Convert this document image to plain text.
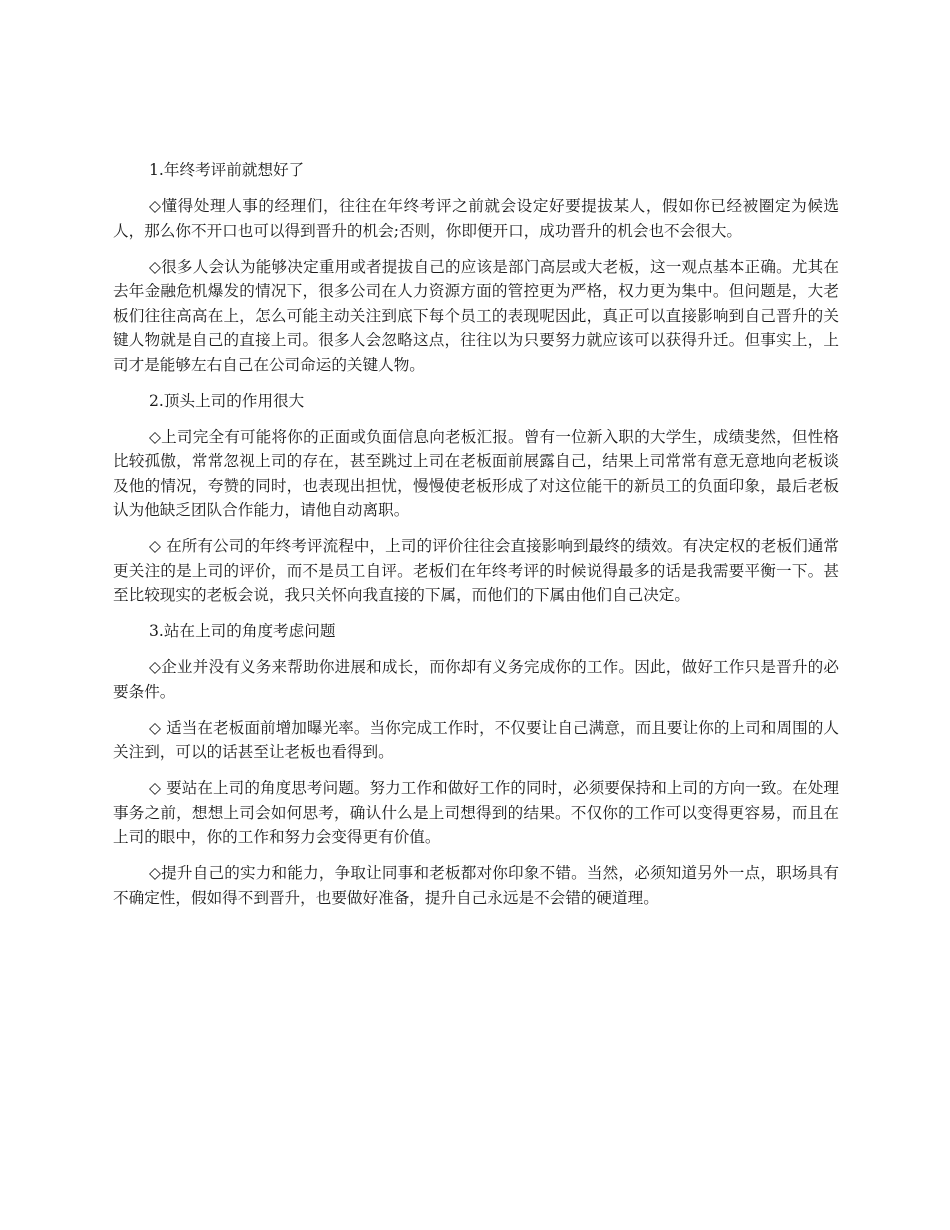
1.年终考评前就想好了

◇懂得处理人事的经理们，往往在年终考评之前就会设定好要提拔某人，假如你已经被圈定为候选人，那么你不开口也可以得到晋升的机会;否则，你即便开口，成功晋升的机会也不会很大。

◇很多人会认为能够决定重用或者提拔自己的应该是部门高层或大老板，这一观点基本正确。尤其在去年金融危机爆发的情况下，很多公司在人力资源方面的管控更为严格，权力更为集中。但问题是，大老板们往往高高在上，怎么可能主动关注到底下每个员工的表现呢因此，真正可以直接影响到自己晋升的关键人物就是自己的直接上司。很多人会忽略这点，往往以为只要努力就应该可以获得升迁。但事实上，上司才是能够左右自己在公司命运的关键人物。

2.顶头上司的作用很大

◇上司完全有可能将你的正面或负面信息向老板汇报。曾有一位新入职的大学生，成绩斐然，但性格比较孤傲，常常忽视上司的存在，甚至跳过上司在老板面前展露自己，结果上司常常有意无意地向老板谈及他的情况，夸赞的同时，也表现出担忧，慢慢使老板形成了对这位能干的新员工的负面印象，最后老板认为他缺乏团队合作能力，请他自动离职。

◇ 在所有公司的年终考评流程中，上司的评价往往会直接影响到最终的绩效。有决定权的老板们通常更关注的是上司的评价，而不是员工自评。老板们在年终考评的时候说得最多的话是我需要平衡一下。甚至比较现实的老板会说，我只关怀向我直接的下属，而他们的下属由他们自己决定。

3.站在上司的角度考虑问题

◇企业并没有义务来帮助你进展和成长，而你却有义务完成你的工作。因此，做好工作只是晋升的必要条件。

◇ 适当在老板面前增加曝光率。当你完成工作时，不仅要让自己满意，而且要让你的上司和周围的人关注到，可以的话甚至让老板也看得到。

◇ 要站在上司的角度思考问题。努力工作和做好工作的同时，必须要保持和上司的方向一致。在处理事务之前，想想上司会如何思考，确认什么是上司想得到的结果。不仅你的工作可以变得更容易，而且在上司的眼中，你的工作和努力会变得更有价值。

◇提升自己的实力和能力，争取让同事和老板都对你印象不错。当然，必须知道另外一点，职场具有不确定性，假如得不到晋升，也要做好准备，提升自己永远是不会错的硬道理。
